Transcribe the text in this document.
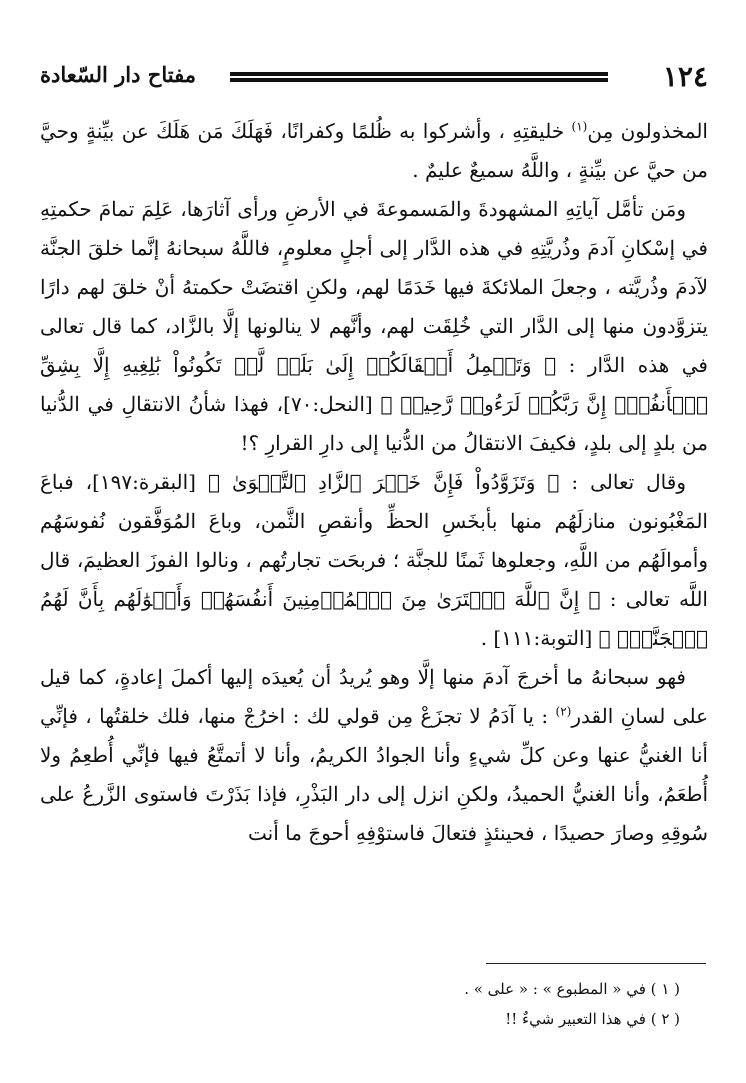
١٢٤
مفتاح دار السّعادة

المخذولون مِن$^{(١)}$ خليقتِهِ ، وأشركوا به ظُلمًا وكفرانًا، فَهَلَكَ مَن هَلَكَ عن بيِّنةٍ وحيَّ من حيَّ عن بيِّنةٍ ، واللَّهُ سميعٌ عليمٌ .

ومَن تأمَّل آياتِهِ المشهودةَ والمَسموعةَ في الأرضِ ورأى آثارَها، عَلِمَ تمامَ حكمتِهِ في إسْكانِ آدمَ وذُريَّتِهِ في هذه الدَّار إلى أجلٍ معلومٍ، فاللَّهُ سبحانهُ إنَّما خلقَ الجنَّة لآدمَ وذُريَّته ، وجعلَ الملائكةَ فيها خَدَمًا لهم، ولكنِ اقتضَتْ حكمتهُ أنْ خلقَ لهم دارًا يتزوَّدون منها إلى الدَّار التي خُلِقَت لهم، وأنَّهم لا ينالونها إلَّا بالزَّاد، كما قال تعالى في هذه الدَّار : ﴿ وَتَحۡمِلُ أَثۡقَالَكُمۡ إِلَىٰ بَلَدٖ لَّمۡ تَكُونُواْ بَٰلِغِيهِ إِلَّا بِشِقِّ ٱلۡأَنفُسِۚ إِنَّ رَبَّكُمۡ لَرَءُوفٞ رَّحِيمٞ ﴾ [النحل:٧٠]، فهذا شأنُ الانتقالِ في الدُّنيا من بلدٍ إلى بلدٍ، فكيفَ الانتقالُ من الدُّنيا إلى دارِ القرارِ ؟!

وقال تعالى : ﴿ وَتَزَوَّدُواْ فَإِنَّ خَيۡرَ ٱلزَّادِ ٱلتَّقۡوَىٰ ﴾ [البقرة:١٩٧]، فباعَ المَغْبُونون منازلَهُم منها بأبخَسِ الحظِّ وأنقصِ الثَّمن، وباعَ المُوَفَّقون نُفوسَهُم وأموالَهُم من اللَّهِ، وجعلوها ثَمنًا للجنَّة ؛ فربحَت تجارتُهم ، ونالوا الفوزَ العظيمَ، قال اللَّه تعالى : ﴿ إِنَّ ٱللَّهَ ٱشۡتَرَىٰ مِنَ ٱلۡمُؤۡمِنِينَ أَنفُسَهُمۡ وَأَمۡوَٰلَهُم بِأَنَّ لَهُمُ ٱلۡجَنَّةَۚ ﴾ [التوبة:١١١] .

فهو سبحانهُ ما أخرجَ آدمَ منها إلَّا وهو يُريدُ أن يُعيدَه إليها أكملَ إعادةٍ، كما قيل على لسانِ القدر$^{(٢)}$ : يا آدَمُ لا تجزَعْ مِن قولي لك : اخرُجْ منها، فلك خلقتُها ، فإنِّي أنا الغنيُّ عنها وعن كلِّ شيءٍ وأنا الجوادُ الكريمُ، وأنا لا أتمتَّعُ فيها فإنِّي أُطعِمُ ولا أُطعَمُ، وأنا الغنيُّ الحميدُ، ولكنِ انزل إلى دار البَذْرِ، فإذا بَذَرْتَ فاستوى الزَّرعُ على سُوقِهِ وصارَ حصيدًا ، فحينئذٍ فتعالَ فاستوْفِهِ أحوجَ ما أنت

( ١ ) في « المطبوع » : « على » .

( ٢ ) في هذا التعبير شيءٌ !!
